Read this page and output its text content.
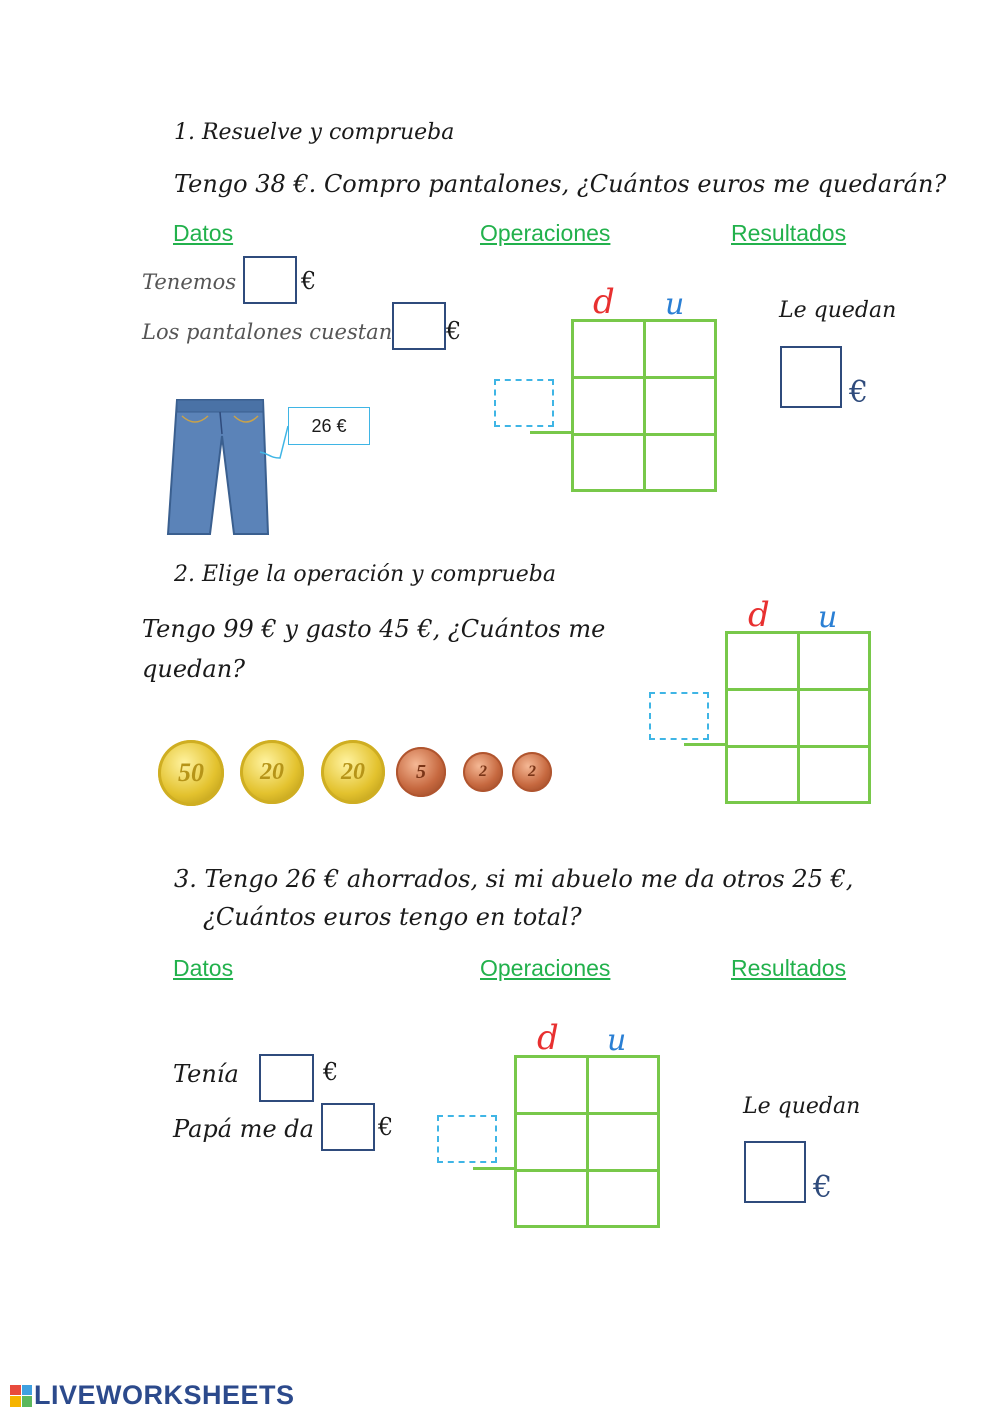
1. Resuelve y comprueba
Tengo 38 €. Compro pantalones, ¿Cuántos euros me quedarán?
Datos	Operaciones	Resultados
Tenemos	€
Los pantalones cuestan €
26 €
d u	Le quedan
€
2. Elige la operación y comprueba
Tengo 99 € y gasto 45 €, ¿Cuántos me
quedan?
d u
50	20	20	5	2	2
3. Tengo 26 € ahorrados, si mi abuelo me da otros 25 €,
¿Cuántos euros tengo en total?
Datos	Operaciones	Resultados
Tenía	€
Papá me da	€
d u
Le quedan
€
LIVEWORKSHEETS
